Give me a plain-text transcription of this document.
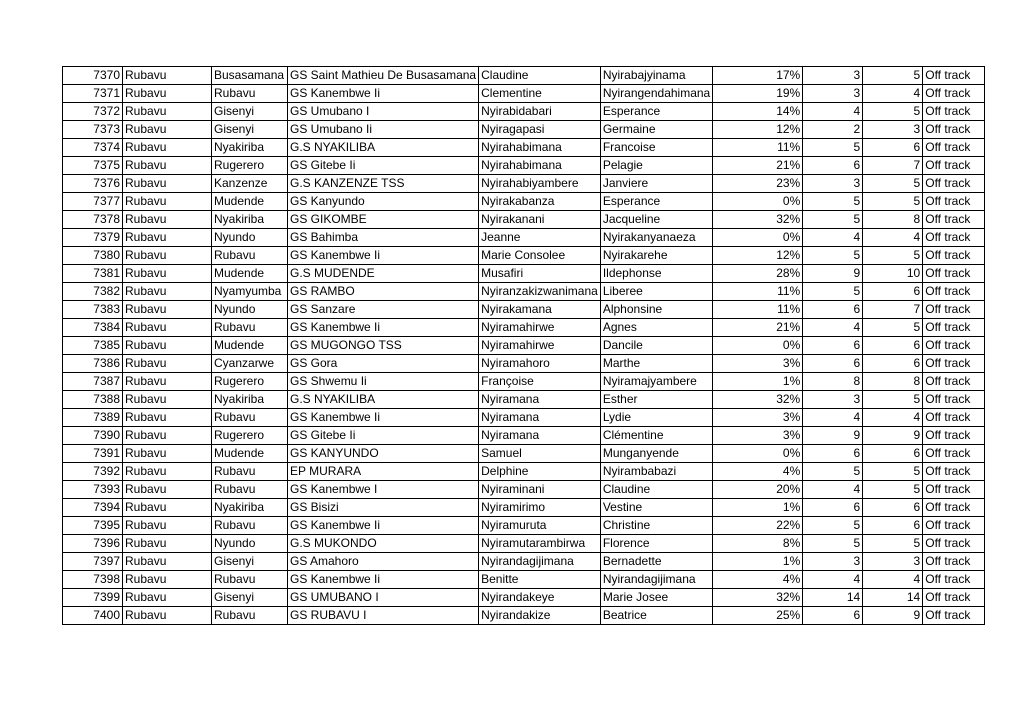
7370	Rubavu	Busasamana	GS Saint Mathieu De Busasamana	Claudine	Nyirabajyinama	17%	3	5	Off track
7371	Rubavu	Rubavu	GS Kanembwe Ii	Clementine	Nyirangendahimana	19%	3	4	Off track
7372	Rubavu	Gisenyi	GS Umubano I	Nyirabidabari	Esperance	14%	4	5	Off track
7373	Rubavu	Gisenyi	GS Umubano Ii	Nyiragapasi	Germaine	12%	2	3	Off track
7374	Rubavu	Nyakiriba	G.S NYAKILIBA	Nyirahabimana	Francoise	11%	5	6	Off track
7375	Rubavu	Rugerero	GS Gitebe Ii	Nyirahabimana	Pelagie	21%	6	7	Off track
7376	Rubavu	Kanzenze	G.S KANZENZE TSS	Nyirahabiyambere	Janviere	23%	3	5	Off track
7377	Rubavu	Mudende	GS Kanyundo	Nyirakabanza	Esperance	0%	5	5	Off track
7378	Rubavu	Nyakiriba	GS GIKOMBE	Nyirakanani	Jacqueline	32%	5	8	Off track
7379	Rubavu	Nyundo	GS Bahimba	Jeanne	Nyirakanyanaeza	0%	4	4	Off track
7380	Rubavu	Rubavu	GS Kanembwe Ii	Marie Consolee	Nyirakarehe	12%	5	5	Off track
7381	Rubavu	Mudende	G.S MUDENDE	Musafiri	Ildephonse	28%	9	10	Off track
7382	Rubavu	Nyamyumba	GS RAMBO	Nyiranzakizwanimana	Liberee	11%	5	6	Off track
7383	Rubavu	Nyundo	GS Sanzare	Nyirakamana	Alphonsine	11%	6	7	Off track
7384	Rubavu	Rubavu	GS Kanembwe Ii	Nyiramahirwe	Agnes	21%	4	5	Off track
7385	Rubavu	Mudende	GS MUGONGO TSS	Nyiramahirwe	Dancile	0%	6	6	Off track
7386	Rubavu	Cyanzarwe	GS Gora	Nyiramahoro	Marthe	3%	6	6	Off track
7387	Rubavu	Rugerero	GS Shwemu Ii	Françoise	Nyiramajyambere	1%	8	8	Off track
7388	Rubavu	Nyakiriba	G.S NYAKILIBA	Nyiramana	Esther	32%	3	5	Off track
7389	Rubavu	Rubavu	GS Kanembwe Ii	Nyiramana	Lydie	3%	4	4	Off track
7390	Rubavu	Rugerero	GS Gitebe Ii	Nyiramana	Clémentine	3%	9	9	Off track
7391	Rubavu	Mudende	GS KANYUNDO	Samuel	Munganyende	0%	6	6	Off track
7392	Rubavu	Rubavu	EP MURARA	Delphine	Nyirambabazi	4%	5	5	Off track
7393	Rubavu	Rubavu	GS Kanembwe I	Nyiraminani	Claudine	20%	4	5	Off track
7394	Rubavu	Nyakiriba	GS Bisizi	Nyiramirimo	Vestine	1%	6	6	Off track
7395	Rubavu	Rubavu	GS Kanembwe Ii	Nyiramuruta	Christine	22%	5	6	Off track
7396	Rubavu	Nyundo	G.S MUKONDO	Nyiramutarambirwa	Florence	8%	5	5	Off track
7397	Rubavu	Gisenyi	GS Amahoro	Nyirandagijimana	Bernadette	1%	3	3	Off track
7398	Rubavu	Rubavu	GS Kanembwe Ii	Benitte	Nyirandagijimana	4%	4	4	Off track
7399	Rubavu	Gisenyi	GS UMUBANO I	Nyirandakeye	Marie Josee	32%	14	14	Off track
7400	Rubavu	Rubavu	GS RUBAVU I	Nyirandakize	Beatrice	25%	6	9	Off track
